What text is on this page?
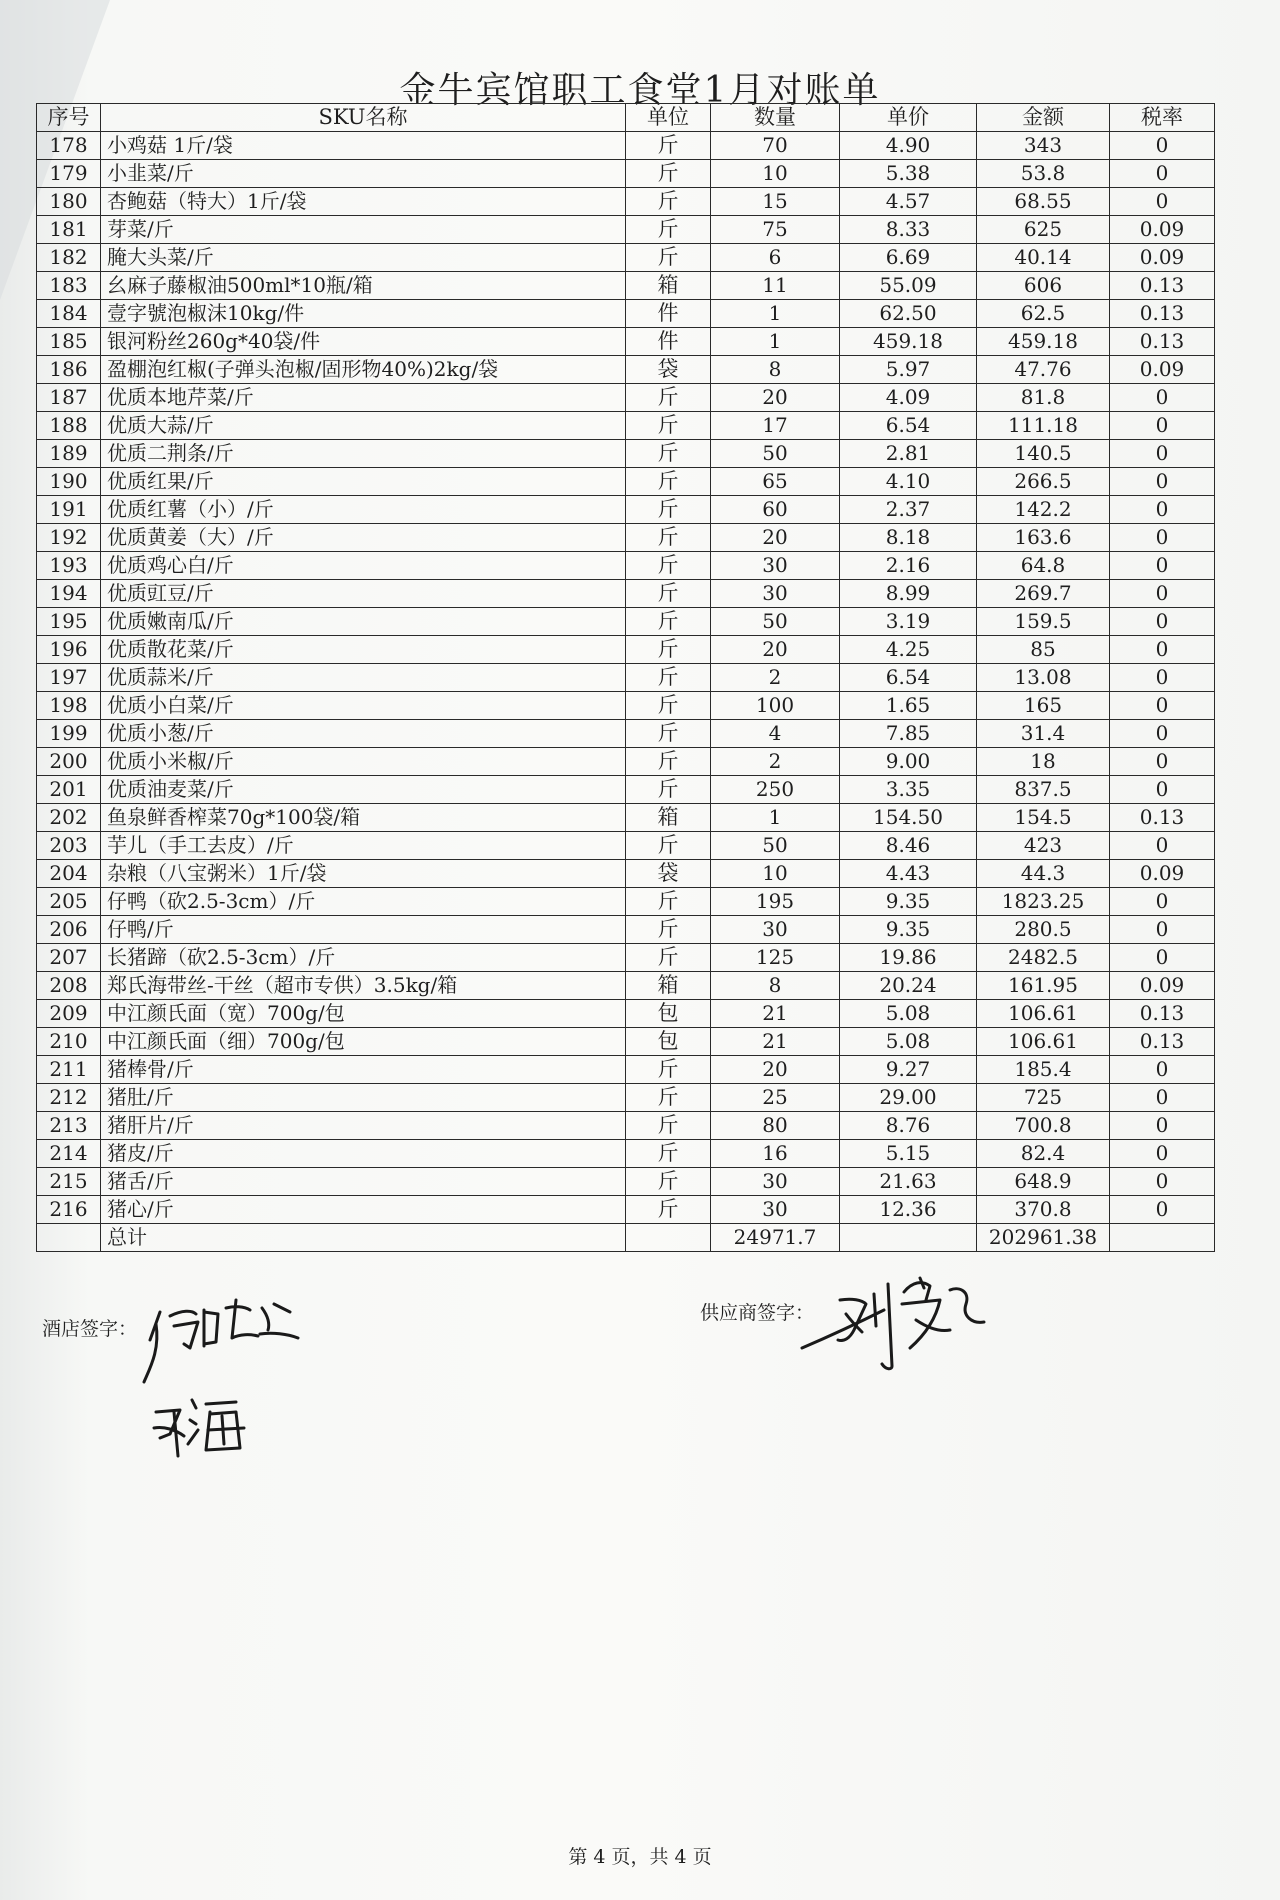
金牛宾馆职工食堂1月对账单
序号	SKU名称	单位	数量	单价	金额	税率
178	小鸡菇 1斤/袋	斤	70	4.90	343	0
179	小韭菜/斤	斤	10	5.38	53.8	0
180	杏鲍菇（特大）1斤/袋	斤	15	4.57	68.55	0
181	芽菜/斤	斤	75	8.33	625	0.09
182	腌大头菜/斤	斤	6	6.69	40.14	0.09
183	幺麻子藤椒油500ml*10瓶/箱	箱	11	55.09	606	0.13
184	壹字號泡椒沫10kg/件	件	1	62.50	62.5	0.13
185	银河粉丝260g*40袋/件	件	1	459.18	459.18	0.13
186	盈棚泡红椒(子弹头泡椒/固形物40%)2kg/袋	袋	8	5.97	47.76	0.09
187	优质本地芹菜/斤	斤	20	4.09	81.8	0
188	优质大蒜/斤	斤	17	6.54	111.18	0
189	优质二荆条/斤	斤	50	2.81	140.5	0
190	优质红果/斤	斤	65	4.10	266.5	0
191	优质红薯（小）/斤	斤	60	2.37	142.2	0
192	优质黄姜（大）/斤	斤	20	8.18	163.6	0
193	优质鸡心白/斤	斤	30	2.16	64.8	0
194	优质豇豆/斤	斤	30	8.99	269.7	0
195	优质嫩南瓜/斤	斤	50	3.19	159.5	0
196	优质散花菜/斤	斤	20	4.25	85	0
197	优质蒜米/斤	斤	2	6.54	13.08	0
198	优质小白菜/斤	斤	100	1.65	165	0
199	优质小葱/斤	斤	4	7.85	31.4	0
200	优质小米椒/斤	斤	2	9.00	18	0
201	优质油麦菜/斤	斤	250	3.35	837.5	0
202	鱼泉鲜香榨菜70g*100袋/箱	箱	1	154.50	154.5	0.13
203	芋儿（手工去皮）/斤	斤	50	8.46	423	0
204	杂粮（八宝粥米）1斤/袋	袋	10	4.43	44.3	0.09
205	仔鸭（砍2.5-3cm）/斤	斤	195	9.35	1823.25	0
206	仔鸭/斤	斤	30	9.35	280.5	0
207	长猪蹄（砍2.5-3cm）/斤	斤	125	19.86	2482.5	0
208	郑氏海带丝-干丝（超市专供）3.5kg/箱	箱	8	20.24	161.95	0.09
209	中江颜氏面（宽）700g/包	包	21	5.08	106.61	0.13
210	中江颜氏面（细）700g/包	包	21	5.08	106.61	0.13
211	猪棒骨/斤	斤	20	9.27	185.4	0
212	猪肚/斤	斤	25	29.00	725	0
213	猪肝片/斤	斤	80	8.76	700.8	0
214	猪皮/斤	斤	16	5.15	82.4	0
215	猪舌/斤	斤	30	21.63	648.9	0
216	猪心/斤	斤	30	12.36	370.8	0
	总计		24971.7		202961.38	
酒店签字：
供应商签字：
第 4 页，共 4 页
